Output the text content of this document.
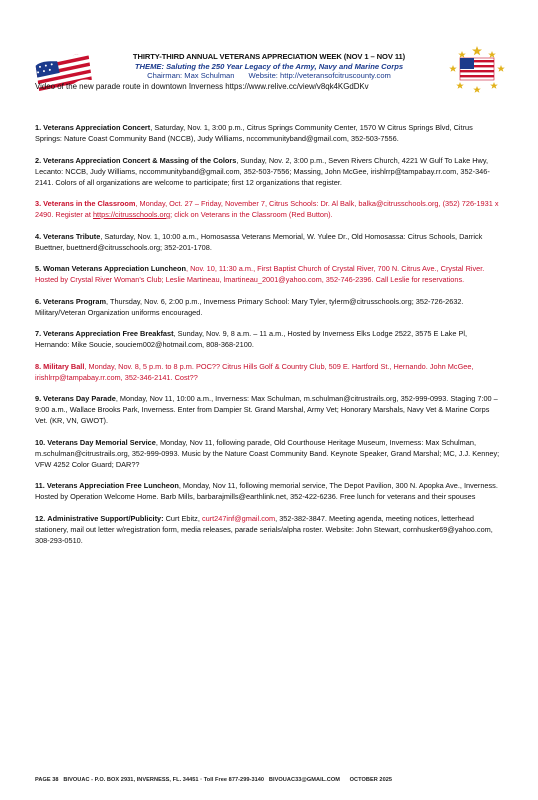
THIRTY-THIRD ANNUAL VETERANS APPRECIATION WEEK (NOV 1 – NOV 11)
THEME: Saluting the 250 Year Legacy of the Army, Navy and Marine Corps
Chairman: Max Schulman Website: http://veteransofcitruscounty.com
Video of the new parade route in downtown Inverness https://www.relive.cc/view/v8qk4KGdDKv
1. Veterans Appreciation Concert, Saturday, Nov. 1, 3:00 p.m., Citrus Springs Community Center, 1570 W Citrus Springs Blvd, Citrus Springs: Nature Coast Community Band (NCCB), Judy Williams, nccommunityband@gmail.com, 352-503-7556.
2. Veterans Appreciation Concert & Massing of the Colors, Sunday, Nov. 2, 3:00 p.m., Seven Rivers Church, 4221 W Gulf To Lake Hwy, Lecanto: NCCB, Judy Williams, nccommunityband@gmail.com, 352-503-7556; Massing, John McGee, irishlrrp@tampabay.rr.com, 352-346-2141. Colors of all organizations are welcome to participate; first 12 organizations that register.
3. Veterans in the Classroom, Monday, Oct. 27 – Friday, November 7, Citrus Schools: Dr. Al Balk, balka@citrusschools.org, (352) 726-1931 x 2490. Register at https://citrusschools.org; click on Veterans in the Classroom (Red Button).
4. Veterans Tribute, Saturday, Nov. 1, 10:00 a.m., Homosassa Veterans Memorial, W. Yulee Dr., Old Homosassa: Citrus Schools, Darrick Buettner, buettnerd@citrusschools.org; 352-201-1708.
5. Woman Veterans Appreciation Luncheon, Nov. 10, 11:30 a.m., First Baptist Church of Crystal River, 700 N. Citrus Ave., Crystal River. Hosted by Crystal River Woman's Club; Leslie Martineau, lmartineau_2001@yahoo.com, 352-746-2396. Call Leslie for reservations.
6. Veterans Program, Thursday, Nov. 6, 2:00 p.m., Inverness Primary School: Mary Tyler, tylerm@citrusschools.org; 352-726-2632. Military/Veteran Organization uniforms encouraged.
7. Veterans Appreciation Free Breakfast, Sunday, Nov. 9, 8 a.m. – 11 a.m., Hosted by Inverness Elks Lodge 2522, 3575 E Lake Pl, Hernando: Mike Soucie, souciem002@hotmail.com, 808-368-2100.
8. Military Ball, Monday, Nov. 8, 5 p.m. to 8 p.m. POC?? Citrus Hills Golf & Country Club, 509 E. Hartford St., Hernando. John McGee, irishlrrp@tampabay.rr.com, 352-346-2141. Cost??
9. Veterans Day Parade, Monday, Nov 11, 10:00 a.m., Inverness: Max Schulman, m.schulman@citrustrails.org, 352-999-0993. Staging 7:00 – 9:00 a.m., Wallace Brooks Park, Inverness. Enter from Dampier St. Grand Marshal, Army Vet; Honorary Marshals, Navy Vet & Marine Corps Vet. (KR, VN, GWOT).
10. Veterans Day Memorial Service, Monday, Nov 11, following parade, Old Courthouse Heritage Museum, Inverness: Max Schulman, m.schulman@citrustrails.org, 352-999-0993. Music by the Nature Coast Community Band. Keynote Speaker, Grand Marshal; MC, J.J. Kenney; VFW 4252 Color Guard; DAR??
11. Veterans Appreciation Free Luncheon, Monday, Nov 11, following memorial service, The Depot Pavilion, 300 N. Apopka Ave., Inverness. Hosted by Operation Welcome Home. Barb Mills, barbarajmills@earthlink.net, 352-422-6236. Free lunch for veterans and their spouses
12. Administrative Support/Publicity: Curt Ebitz, curt247inf@gmail.com, 352-382-3847. Meeting agenda, meeting notices, letterhead stationery, mail out letter w/registration form, media releases, parade serials/alpha roster. Website: John Stewart, cornhusker69@yahoo.com, 308-293-0510.
PAGE 38 BIVOUAC - P.O. BOX 2931, INVERNESS, FL. 34451 · Toll Free 877-299-3140 BIVOUAC33@GMAIL.COM OCTOBER 2025
